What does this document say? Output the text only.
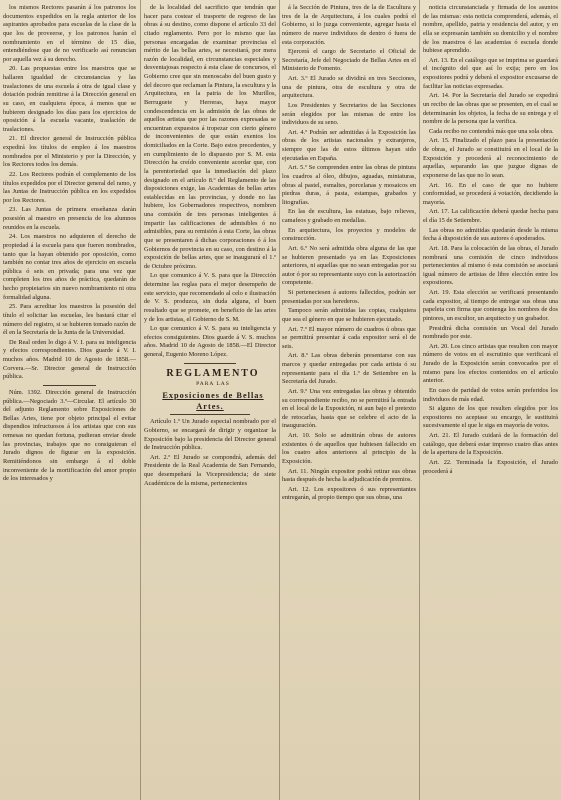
los mismos Rectores pasarán á los patronos los documentos expedidos en la regla anterior de los aspirantes aprobados para escuelas de la clase de la que los de proveerse, y los patronos harán el nombramiento en el término de 15 días, entendiéndose que de no verificarlo así renuncian por aquella vez á su derecho.

20. Las propuestas entre los maestros que se hallaren igualdad de circunstancias y las traslaciones de una escuela á otra de igual clase y dotación podrán remitirse á la Dirección general en su caso, en cualquiera época, á menos que se hubieren designado los días para los ejercicios de oposición á la escuela vacante, traslación de traslaciones.

21. El director general de Instrucción pública expedirá los títulos de empleo á los maestros nombrados por el Ministerio y por la Dirección, y los Rectores todos los demás.

22. Los Rectores podrán el complemento de los títulos expedidos por el Director general del ramo, y las Juntas de Instrucción pública en los expedidos por los Rectores.

23. Las Juntas de primera enseñanza darán posesión al maestro en presencia de los alumnos reunidos en la escuela.

24. Los maestros no adquieren el derecho de propiedad á la escuela para que fueren nombrados, tanto que la hayan obtenido por oposición, como también no contar tres años de ejercicio en escuela pública ó seis en privada; para una vez que completen los tres años de práctica, quedarán de hecho propietarios sin nuevo nombramiento ni otra formalidad alguna.

25. Para acreditar los maestros la posesión del título el solicitar las escuelas, les bastará citar el número del registro, si se hubieren tomado razón de él en la Secretaría de la Junta de la Universidad.

De Real orden lo digo á V. I. para su inteligencia y efectos correspondientes. Dios guarde á V. I. muchos años. Madrid 10 de Agosto de 1858.—Corvera.—Sr. Director general de Instrucción pública.

Núm. 1392. Dirección general de Instrucción pública.—Negociado 3.º—Circular. El artículo 30 del adjunto Reglamento sobre Exposiciones de Bellas Artes, tiene por objeto principal el evitar dispendios infructuosos á los artistas que con sus remesas no quedan fortuna, pudieran enviar desde las provincias, trabajos que no consiguieran el Jurado dignos de figurar en la exposición. Remitiéndonos sin embargo á el doble inconveniente de la mortificación del amor propio de los interesados y

de la localidad del sacrificio que tendrán que hacer para costear el trasporte de regreso de las obras á su destino, como dispone el artículo 33 del citado reglamento. Pero por lo mismo que las personas encargadas de examinar provincias el mérito de las bellas artes, se necesitará, por mera razón de localidad, en circunstancias especiales y desventajosas respecto á esta clase de concursos, el Gobierno cree que sin menoscabo del buen gusto y del decoro que reclaman la Pintura, la escultura y la Arquitectura, en la patria de los Murillos, Berruguete y Herreras, haya mayor condescendencia en la admisión de las obras de aquellos artistas que por las razones expresadas se encuentran expuestos á tropezar con cierto género de inconvenientes de que están exentos los domiciliados en la Corte. Bajo estos precedentes, y en cumplimiento de lo dispuesto por S. M. esta Dirección ha creído conveniente acordar que, con la perentoriedad que la inmediación del plazo designado en el artículo 8.º del Reglamento de las disposiciones exige, las Academias de bellas artes establecidas en las provincias, y donde no las hubiere, los Gobernadores respectivos, nombren una comisión de tres personas inteligentes á impartir las calificaciones de admisibles ó no admisibles, para su remisión á esta Corte, las obras que se presentaren á dichas corporaciones ó á los Gobiernos de provincia en su caso, con destino á la exposición de bellas artes, que se inaugurará el 1.º de Octubre próximo.

Lo que comunico á V. S. para que la Dirección determine las reglas para el mejor desempeño de este servicio, que recomendado al celo e ilustración de V. S. produzca, sin duda alguna, el buen resultado que se promete, en beneficio de las artes y de los artistas, el Gobierno de S. M.

Lo que comunico á V. S. para su inteligencia y efectos consiguientes. Dios guarde á V. S. muchos años. Madrid 10 de Agosto de 1858.—El Director general, Eugenio Moreno López.

REGLAMENTO

PARA LAS

Exposiciones de Bellas Artes.

Artículo 1.º Un Jurado especial nombrado por el Gobierno, se encargará de dirigir y organizar la Exposición bajo la presidencia del Director general de Instrucción pública.

Art. 2.º El Jurado se compondrá, además del Presidente de la Real Academia de San Fernando, que desempeñará la Vicepresidencia; de siete Académicos de la misma, pertenecientes

á la Sección de Pintura, tres de la de Escultura y tres de la de Arquitectura, á los cuales podrá el Gobierno, si lo juzga conveniente, agregar hasta el número de nueve individuos de dentro ó fuera de esta corporación.

Ejercerá el cargo de Secretario el Oficial de Secretaría, Jefe del Negociado de Bellas Artes en el Ministerio de Fomento.

Art. 3.º El Jurado se dividirá en tres Secciones, una de pintura, otra de escultura y otra de arquitectura.

Los Presidentes y Secretarios de las Secciones serán elegidos por las mismas de entre los individuos de su seno.

Art. 4.º Podrán ser admitidas á la Exposición las obras de los artistas nacionales y extranjeros, siempre que las de estos últimos hayan sido ejecutadas en España.

Art. 5.º Se comprenden entre las obras de pintura los cuadros al óleo, dibujos, aguadas, miniaturas, obras al pastel, esmaltes, porcelanas y mosaicos en piedras duras, á pasta, estampas, grabados y litografías.

En las de escultura, las estatuas, bajo relieves, camafeos y grabado en medallas.

En arquitectura, los proyectos y modelos de construcción.

Art. 6.º No será admitida obra alguna de las que se hubieren presentado ya en las Exposiciones anteriores, ni aquellas que no sean entregadas por su autor ó por su representante suyo con la autorización competente.

Si perteneciesen á autores fallecidos, podrán ser presentadas por sus herederos.

Tampoco serán admitidas las copias, cualquiera que sea el género en que se hubieren ejecutado.

Art. 7.º El mayor número de cuadros ú obras que se permitirá presentar á cada expositor será el de seis.

Art. 8.º Las obras deberán presentarse con sus marcos y quedar entregadas por cada artista ó su representante para el día 1.º de Setiembre en la Secretaría del Jurado.

Art. 9.º Una vez entregadas las obras y obtenido su correspondiente recibo, no se permitirá la entrada en el local de la Exposición, ni aun bajo el pretexto de retocarlas, hasta que se celebre el acto de la inauguración.

Art. 10. Solo se admitirán obras de autores existentes ó de aquellos que hubiesen fallecido en los cuatro años anteriores al principio de la Exposición.

Art. 11. Ningún expositor podrá retirar sus obras hasta después de hecha la adjudicación de premios.

Art. 12. Los expositores ó sus representantes entregarán, al propio tiempo que sus obras, una

noticia circunstanciada y firmada de los asuntos de las mismas: esta noticia comprenderá, además, el nombre, apellido, patria y residencia del autor, y en ella se expresarán también su domicilio y el nombre de los maestros ó las academias ó escuela donde hubiese aprendido.

Art. 13. En el catálogo que se imprima se guardará el incógnito del que así lo exija; pero en los expositores podrá y deberá el expositor excusarse de facilitar las noticias expresadas.

Art. 14. Por la Secretaría del Jurado se expedirá un recibo de las obras que se presenten, en el cual se determinarán los objetos, la fecha de su entrega y el nombre de la persona que la verifica.

Cada recibo no contendrá más que una sola obra.

Art. 15. Finalizado el plazo para la presentación de obras, el Jurado se constituirá en el local de la Exposición y procederá al reconocimiento de aquellas, separando las que juzgue dignas de exponerse de las que no lo sean.

Art. 16. En el caso de que no hubiere conformidad, se procederá á votación, decidiendo la mayoría.

Art. 17. La calificación deberá quedar hecha para el día 15 de Setiembre.

Las obras no admitidas quedarán desde la misma fecha á disposición de sus autores ó apoderados.

Art. 18. Para la colocación de las obras, el Jurado nombrará una comisión de cinco individuos pertenecientes al mismo ó esta comisión se asociará igual número de artistas de libre elección entre los expositores.

Art. 19. Esta elección se verificará presentando cada expositor, al tiempo de entregar sus obras una papeleta con firma que contenga los nombres de dos pintores, un escultor, un arquitecto y un grabador.

Presidirá dicha comisión un Vocal del Jurado nombrado por este.

Art. 20. Los cinco artistas que resulten con mayor número de votos en el escrutinio que verificará el Jurado de la Exposición serán convocados por el mismo para los efectos contenidos en el artículo anterior.

En caso de paridad de votos serán preferidos los individuos de más edad.

Si alguno de los que resulten elegidos por los expositores no aceptase su encargo, le sustituirá sucesivamente el que le siga en mayoría de votos.

Art. 21. El Jurado cuidará de la formación del catálogo, que deberá estar impreso cuatro días antes de la apertura de la Exposición.

Art. 22. Terminada la Exposición, el Jurado procederá á
